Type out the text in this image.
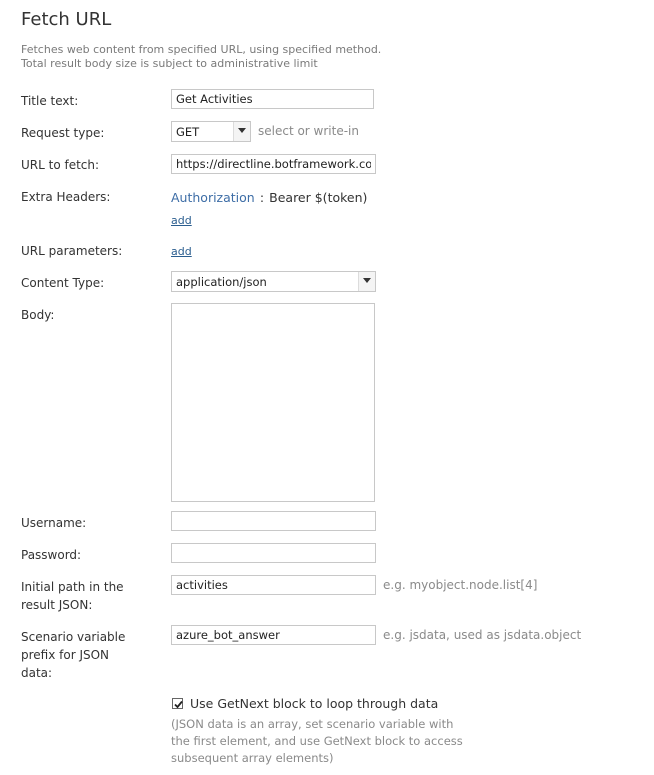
Fetch URL
Fetches web content from specified URL, using specified method.
Total result body size is subject to administrative limit
Title text:
Get Activities
Request type:	GET	select or write-in
URL to fetch:
https://directline.botframework.co
Extra Headers:	Authorization : Bearer $(token)
add
URL parameters:	add
Content Type:	application/json
Body:
Username:
Password:
Initial path in the
result JSON:
activities
e.g. myobject.node.list[4]
Scenario variable
prefix for JSON
data:
azure_bot_answer
e.g. jsdata, used as jsdata.object
Use GetNext block to loop through data
(JSON data is an array, set scenario variable with
the first element, and use GetNext block to access
subsequent array elements)
